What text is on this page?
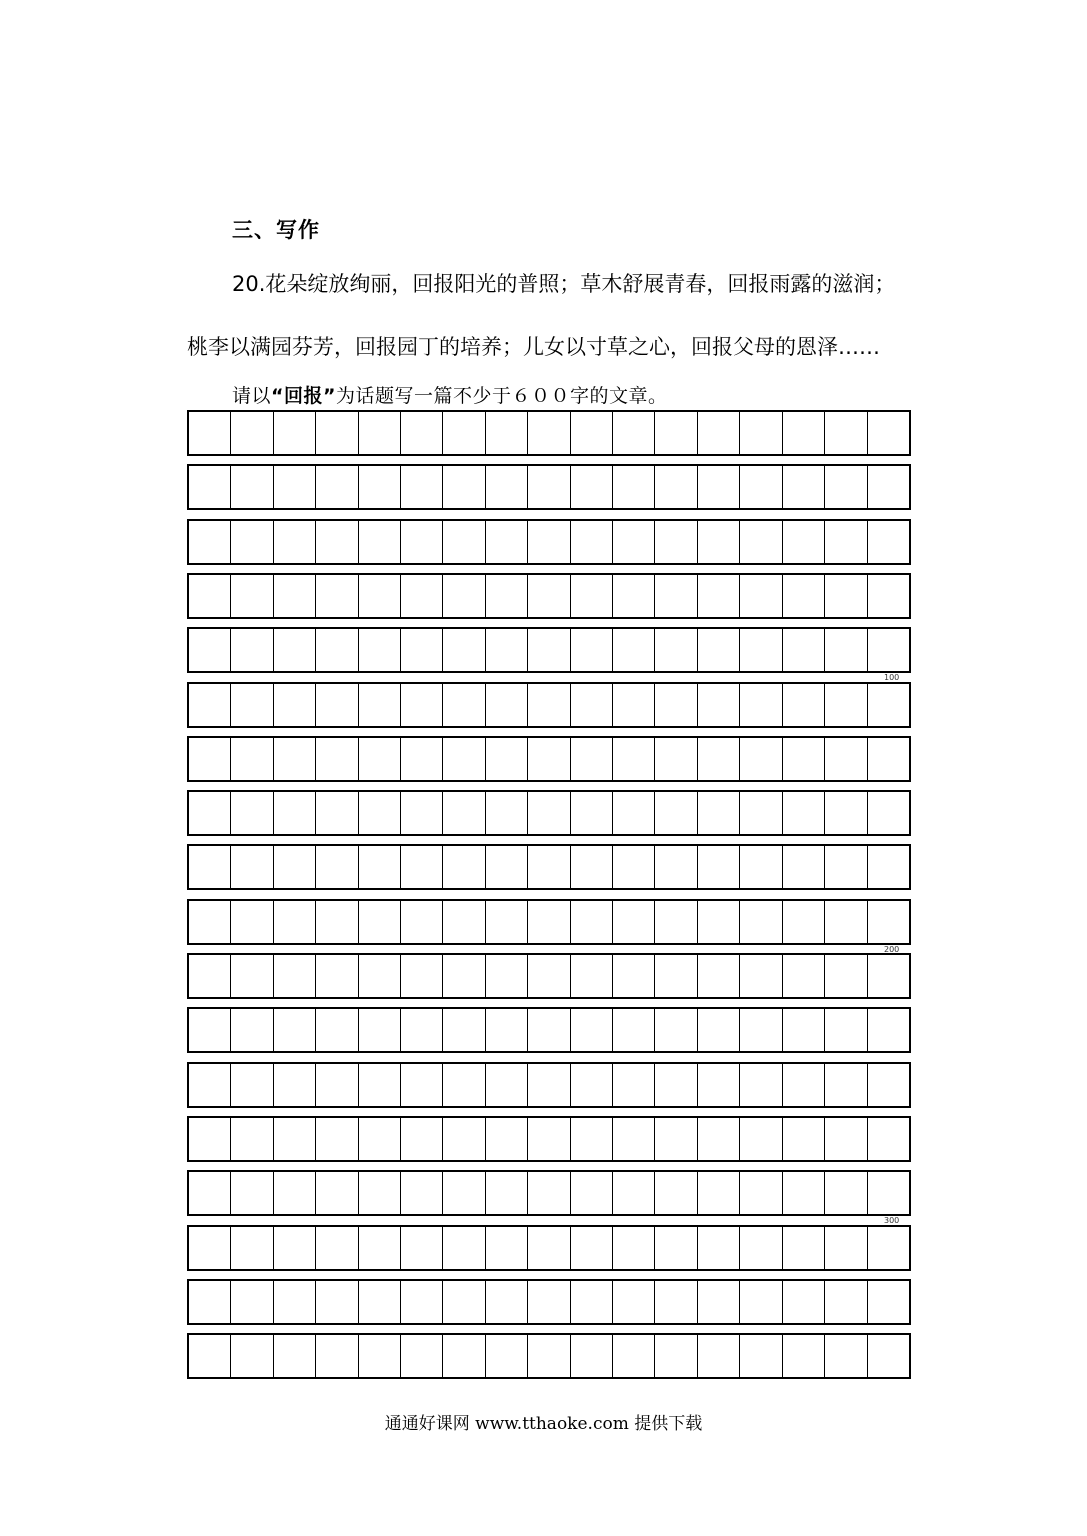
三、写作
20.花朵绽放绚丽，回报阳光的普照；草木舒展青春，回报雨露的滋润；
桃李以满园芬芳，回报园丁的培养；儿女以寸草之心，回报父母的恩泽……
请以“回报”为话题写一篇不少于６００字的文章。
100
200
300
通通好课网 www.tthaoke.com 提供下载
